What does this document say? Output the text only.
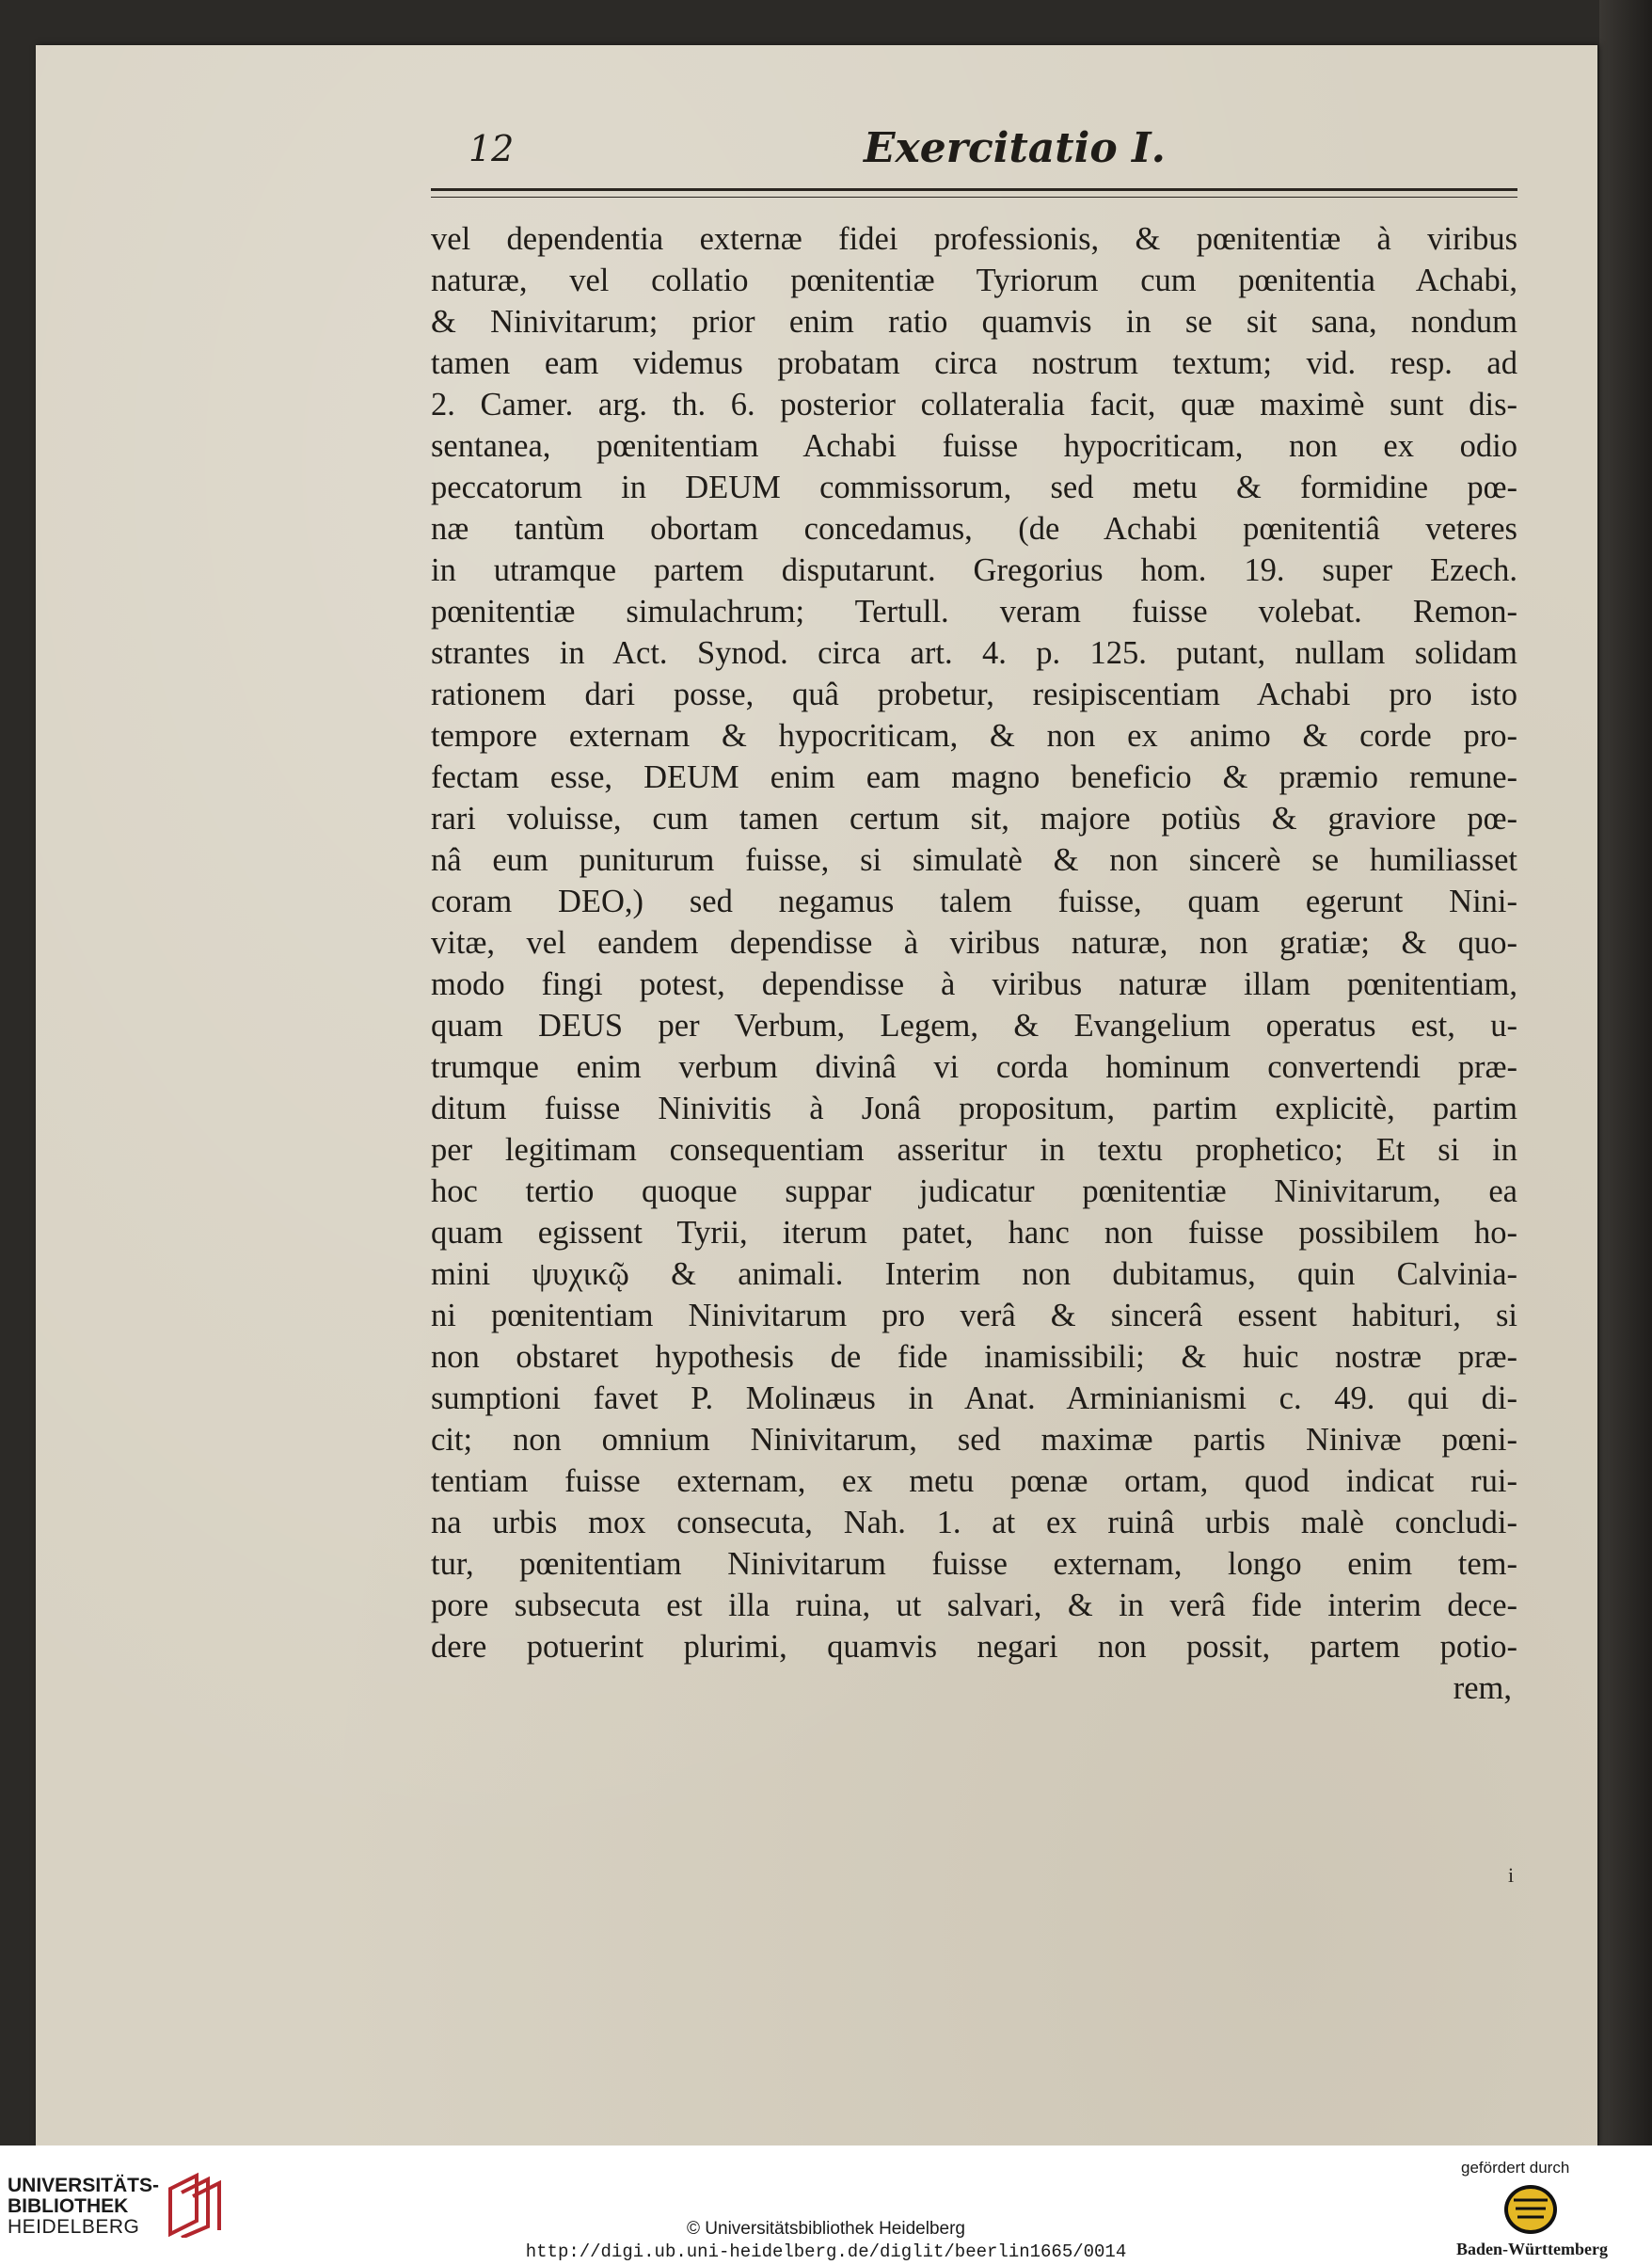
12	Exercitatio I.
vel dependentia externæ fidei professionis, & pœnitentiæ à viribus
naturæ, vel collatio pœnitentiæ Tyriorum cum pœnitentia Achabi,
& Ninivitarum; prior enim ratio quamvis in se sit sana, nondum
tamen eam videmus probatam circa nostrum textum; vid. resp. ad
2. Camer. arg. th. 6. posterior collateralia facit, quæ maximè sunt dis-
sentanea, pœnitentiam Achabi fuisse hypocriticam, non ex odio
peccatorum in DEUM commissorum, sed metu & formidine pœ-
næ tantùm obortam concedamus, (de Achabi pœnitentiâ veteres
in utramque partem disputarunt. Gregorius hom. 19. super Ezech.
pœnitentiæ simulachrum; Tertull. veram fuisse volebat. Remon-
strantes in Act. Synod. circa art. 4. p. 125. putant, nullam solidam
rationem dari posse, quâ probetur, resipiscentiam Achabi pro isto
tempore externam & hypocriticam, & non ex animo & corde pro-
fectam esse, DEUM enim eam magno beneficio & præmio remune-
rari voluisse, cum tamen certum sit, majore potiùs & graviore pœ-
nâ eum puniturum fuisse, si simulatè & non sincerè se humiliasset
coram DEO,) sed negamus talem fuisse, quam egerunt Nini-
vitæ, vel eandem dependisse à viribus naturæ, non gratiæ; & quo-
modo fingi potest, dependisse à viribus naturæ illam pœnitentiam,
quam DEUS per Verbum, Legem, & Evangelium operatus est, u-
trumque enim verbum divinâ vi corda hominum convertendi præ-
ditum fuisse Ninivitis à Jonâ propositum, partim explicitè, partim
per legitimam consequentiam asseritur in textu prophetico; Et si in
hoc tertio quoque suppar judicatur pœnitentiæ Ninivitarum, ea
quam egissent Tyrii, iterum patet, hanc non fuisse possibilem ho-
mini ψυχικῷ & animali. Interim non dubitamus, quin Calvinia-
ni pœnitentiam Ninivitarum pro verâ & sincerâ essent habituri, si
non obstaret hypothesis de fide inamissibili; & huic nostræ præ-
sumptioni favet P. Molinæus in Anat. Arminianismi c. 49. qui di-
cit; non omnium Ninivitarum, sed maximæ partis Ninivæ pœni-
tentiam fuisse externam, ex metu pœnæ ortam, quod indicat rui-
na urbis mox consecuta, Nah. 1. at ex ruinâ urbis malè concludi-
tur, pœnitentiam Ninivitarum fuisse externam, longo enim tem-
pore subsecuta est illa ruina, ut salvari, & in verâ fide interim dece-
dere potuerint plurimi, quamvis negari non possit, partem potio-
rem,
i
UNIVERSITÄTS-
BIBLIOTHEK
HEIDELBERG	© Universitätsbibliothek Heidelberg
http://digi.ub.uni-heidelberg.de/diglit/beerlin1665/0014
gefördert durch
Baden-Württemberg
